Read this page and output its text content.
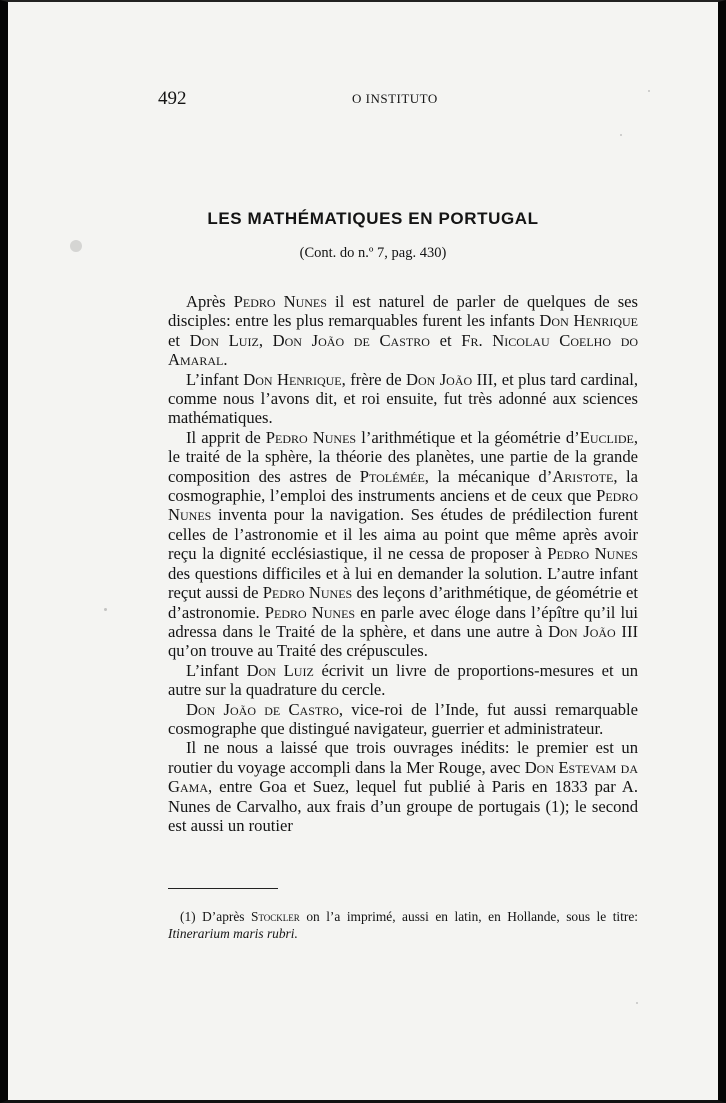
492	O INSTITUTO
LES MATHÉMATIQUES EN PORTUGAL
(Cont. do n.º 7, pag. 430)

Après Pedro Nunes il est naturel de parler de quelques de ses disciples: entre les plus remarquables furent les infants Don Henrique et Don Luiz, Don João de Castro et Fr. Nicolau Coelho do Amaral.

L’infant Don Henrique, frère de Don João III, et plus tard cardinal, comme nous l’avons dit, et roi ensuite, fut très adonné aux sciences mathématiques.

Il apprit de Pedro Nunes l’arithmétique et la géométrie d’Euclide, le traité de la sphère, la théorie des planètes, une partie de la grande composition des astres de Ptolémée, la mécanique d’Aristote, la cosmographie, l’emploi des instruments anciens et de ceux que Pedro Nunes inventa pour la navigation. Ses études de prédilection furent celles de l’astronomie et il les aima au point que même après avoir reçu la dignité ecclésiastique, il ne cessa de proposer à Pedro Nunes des questions difficiles et à lui en demander la solution. L’autre infant reçut aussi de Pedro Nunes des leçons d’arithmétique, de géométrie et d’astronomie. Pedro Nunes en parle avec éloge dans l’épître qu’il lui adressa dans le Traité de la sphère, et dans une autre à Don João III qu’on trouve au Traité des crépuscules.

L’infant Don Luiz écrivit un livre de proportions-mesures et un autre sur la quadrature du cercle.

Don João de Castro, vice-roi de l’Inde, fut aussi remarquable cosmographe que distingué navigateur, guerrier et administrateur.

Il ne nous a laissé que trois ouvrages inédits: le premier est un routier du voyage accompli dans la Mer Rouge, avec Don Estevam da Gama, entre Goa et Suez, lequel fut publié à Paris en 1833 par A. Nunes de Carvalho, aux frais d’un groupe de portugais (1); le second est aussi un routier

(1) D’après Stockler on l’a imprimé, aussi en latin, en Hollande, sous le titre: Itinerarium maris rubri.
